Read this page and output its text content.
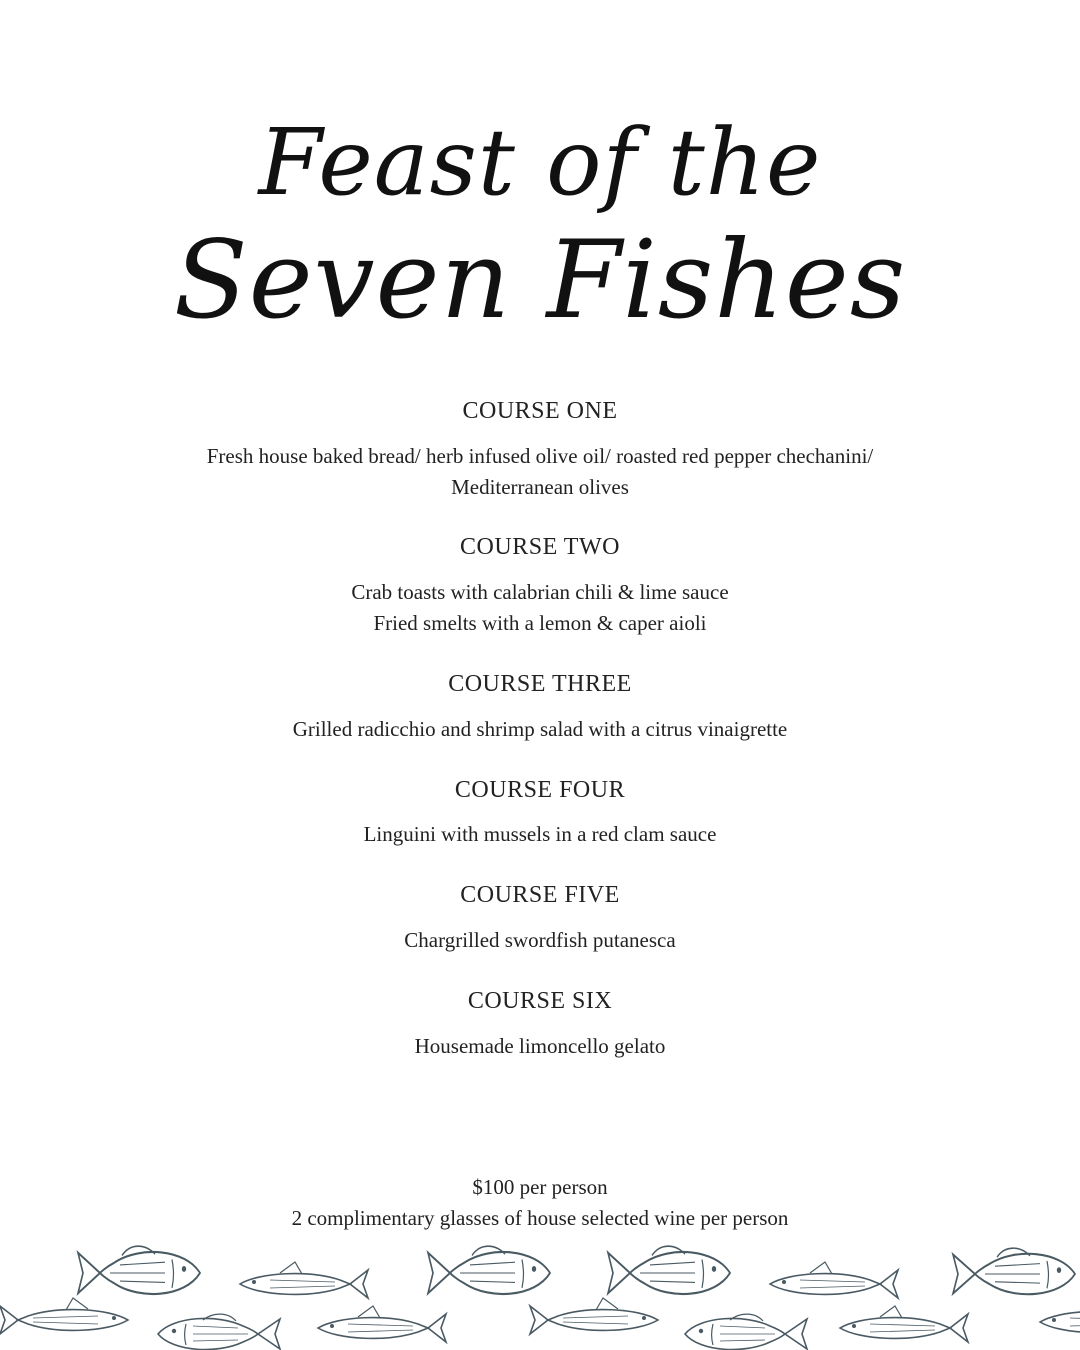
Feast of the
Seven Fishes
COURSE ONE
Fresh house baked bread/ herb infused olive oil/ roasted red pepper chechanini/
Mediterranean olives
COURSE TWO
Crab toasts with calabrian chili & lime sauce
Fried smelts with a lemon & caper aioli
COURSE THREE
Grilled radicchio and shrimp salad with a citrus vinaigrette
COURSE FOUR
Linguini with mussels in a red clam sauce
COURSE FIVE
Chargrilled swordfish putanesca
COURSE SIX
Housemade limoncello gelato
$100 per person
2 complimentary glasses of house selected wine per person
